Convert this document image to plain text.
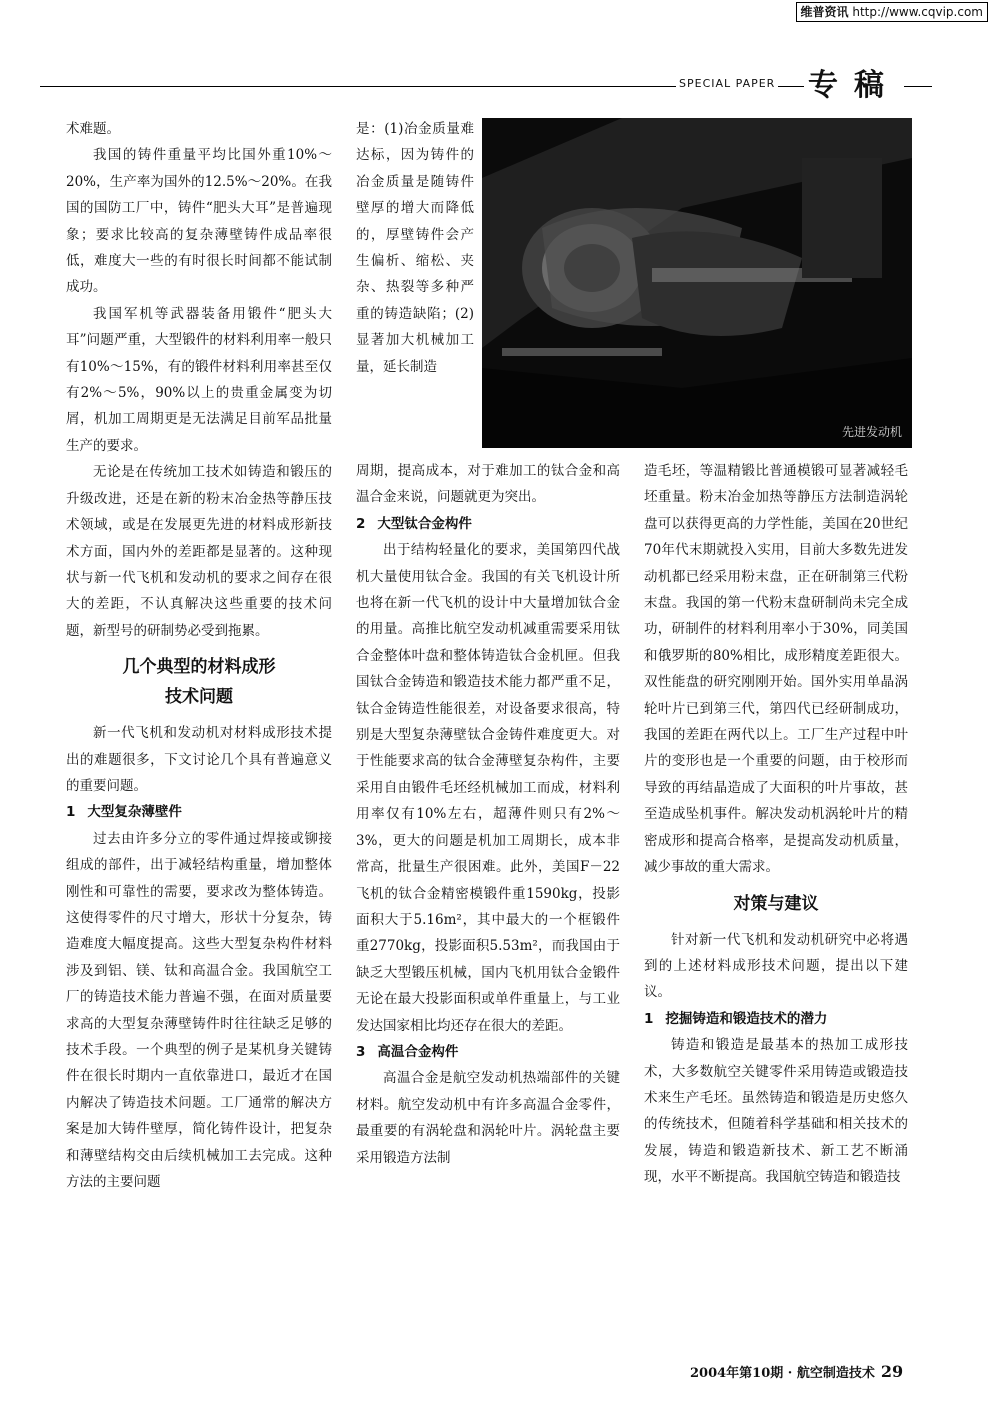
维普资讯 http://www.cqvip.com
SPECIAL PAPER 专稿

术难题。

我国的铸件重量平均比国外重10%～20%，生产率为国外的12.5%～20%。在我国的国防工厂中，铸件“肥头大耳”是普遍现象；要求比较高的复杂薄壁铸件成品率很低，难度大一些的有时很长时间都不能试制成功。

我国军机等武器装备用锻件“肥头大耳”问题严重，大型锻件的材料利用率一般只有10%～15%，有的锻件材料利用率甚至仅有2%～5%，90%以上的贵重金属变为切屑，机加工周期更是无法满足目前军品批量生产的要求。

无论是在传统加工技术如铸造和锻压的升级改进，还是在新的粉末冶金热等静压技术领域，或是在发展更先进的材料成形新技术方面，国内外的差距都是显著的。这种现状与新一代飞机和发动机的要求之间存在很大的差距，不认真解决这些重要的技术问题，新型号的研制势必受到拖累。

几个典型的材料成形
技术问题

新一代飞机和发动机对材料成形技术提出的难题很多，下文讨论几个具有普遍意义的重要问题。

1 大型复杂薄壁件

过去由许多分立的零件通过焊接或铆接组成的部件，出于减轻结构重量，增加整体刚性和可靠性的需要，要求改为整体铸造。这使得零件的尺寸增大，形状十分复杂，铸造难度大幅度提高。这些大型复杂构件材料涉及到铝、镁、钛和高温合金。我国航空工厂的铸造技术能力普遍不强，在面对质量要求高的大型复杂薄壁铸件时往往缺乏足够的技术手段。一个典型的例子是某机身关键铸件在很长时期内一直依靠进口，最近才在国内解决了铸造技术问题。工厂通常的解决方案是加大铸件壁厚，简化铸件设计，把复杂和薄壁结构交由后续机械加工去完成。这种方法的主要问题

是：(1)冶金质量难达标，因为铸件的冶金质量是随铸件壁厚的增大而降低的，厚壁铸件会产生偏析、缩松、夹杂、热裂等多种严重的铸造缺陷；(2)显著加大机械加工量，延长制造

先进发动机

周期，提高成本，对于难加工的钛合金和高温合金来说，问题就更为突出。

2 大型钛合金构件

出于结构轻量化的要求，美国第四代战机大量使用钛合金。我国的有关飞机设计所也将在新一代飞机的设计中大量增加钛合金的用量。高推比航空发动机减重需要采用钛合金整体叶盘和整体铸造钛合金机匣。但我国钛合金铸造和锻造技术能力都严重不足，钛合金铸造性能很差，对设备要求很高，特别是大型复杂薄壁钛合金铸件难度更大。对于性能要求高的钛合金薄壁复杂构件，主要采用自由锻件毛坯经机械加工而成，材料利用率仅有10%左右，超薄件则只有2%～3%，更大的问题是机加工周期长，成本非常高，批量生产很困难。此外，美国F－22飞机的钛合金精密模锻件重1590kg，投影面积大于5.16m²，其中最大的一个框锻件重2770kg，投影面积5.53m²，而我国由于缺乏大型锻压机械，国内飞机用钛合金锻件无论在最大投影面积或单件重量上，与工业发达国家相比均还存在很大的差距。

3 高温合金构件

高温合金是航空发动机热端部件的关键材料。航空发动机中有许多高温合金零件，最重要的有涡轮盘和涡轮叶片。涡轮盘主要采用锻造方法制

造毛坯，等温精锻比普通模锻可显著减轻毛坯重量。粉末冶金加热等静压方法制造涡轮盘可以获得更高的力学性能，美国在20世纪70年代末期就投入实用，目前大多数先进发动机都已经采用粉末盘，正在研制第三代粉末盘。我国的第一代粉末盘研制尚未完全成功，研制件的材料利用率小于30%，同美国和俄罗斯的80%相比，成形精度差距很大。双性能盘的研究刚刚开始。国外实用单晶涡轮叶片已到第三代，第四代已经研制成功，我国的差距在两代以上。工厂生产过程中叶片的变形也是一个重要的问题，由于校形而导致的再结晶造成了大面积的叶片事故，甚至造成坠机事件。解决发动机涡轮叶片的精密成形和提高合格率，是提高发动机质量，减少事故的重大需求。

对策与建议

针对新一代飞机和发动机研究中必将遇到的上述材料成形技术问题，提出以下建议。

1 挖掘铸造和锻造技术的潜力

铸造和锻造是最基本的热加工成形技术，大多数航空关键零件采用铸造或锻造技术来生产毛坯。虽然铸造和锻造是历史悠久的传统技术，但随着科学基础和相关技术的发展，铸造和锻造新技术、新工艺不断涌现，水平不断提高。我国航空铸造和锻造技

2004年第10期 · 航空制造技术 29
